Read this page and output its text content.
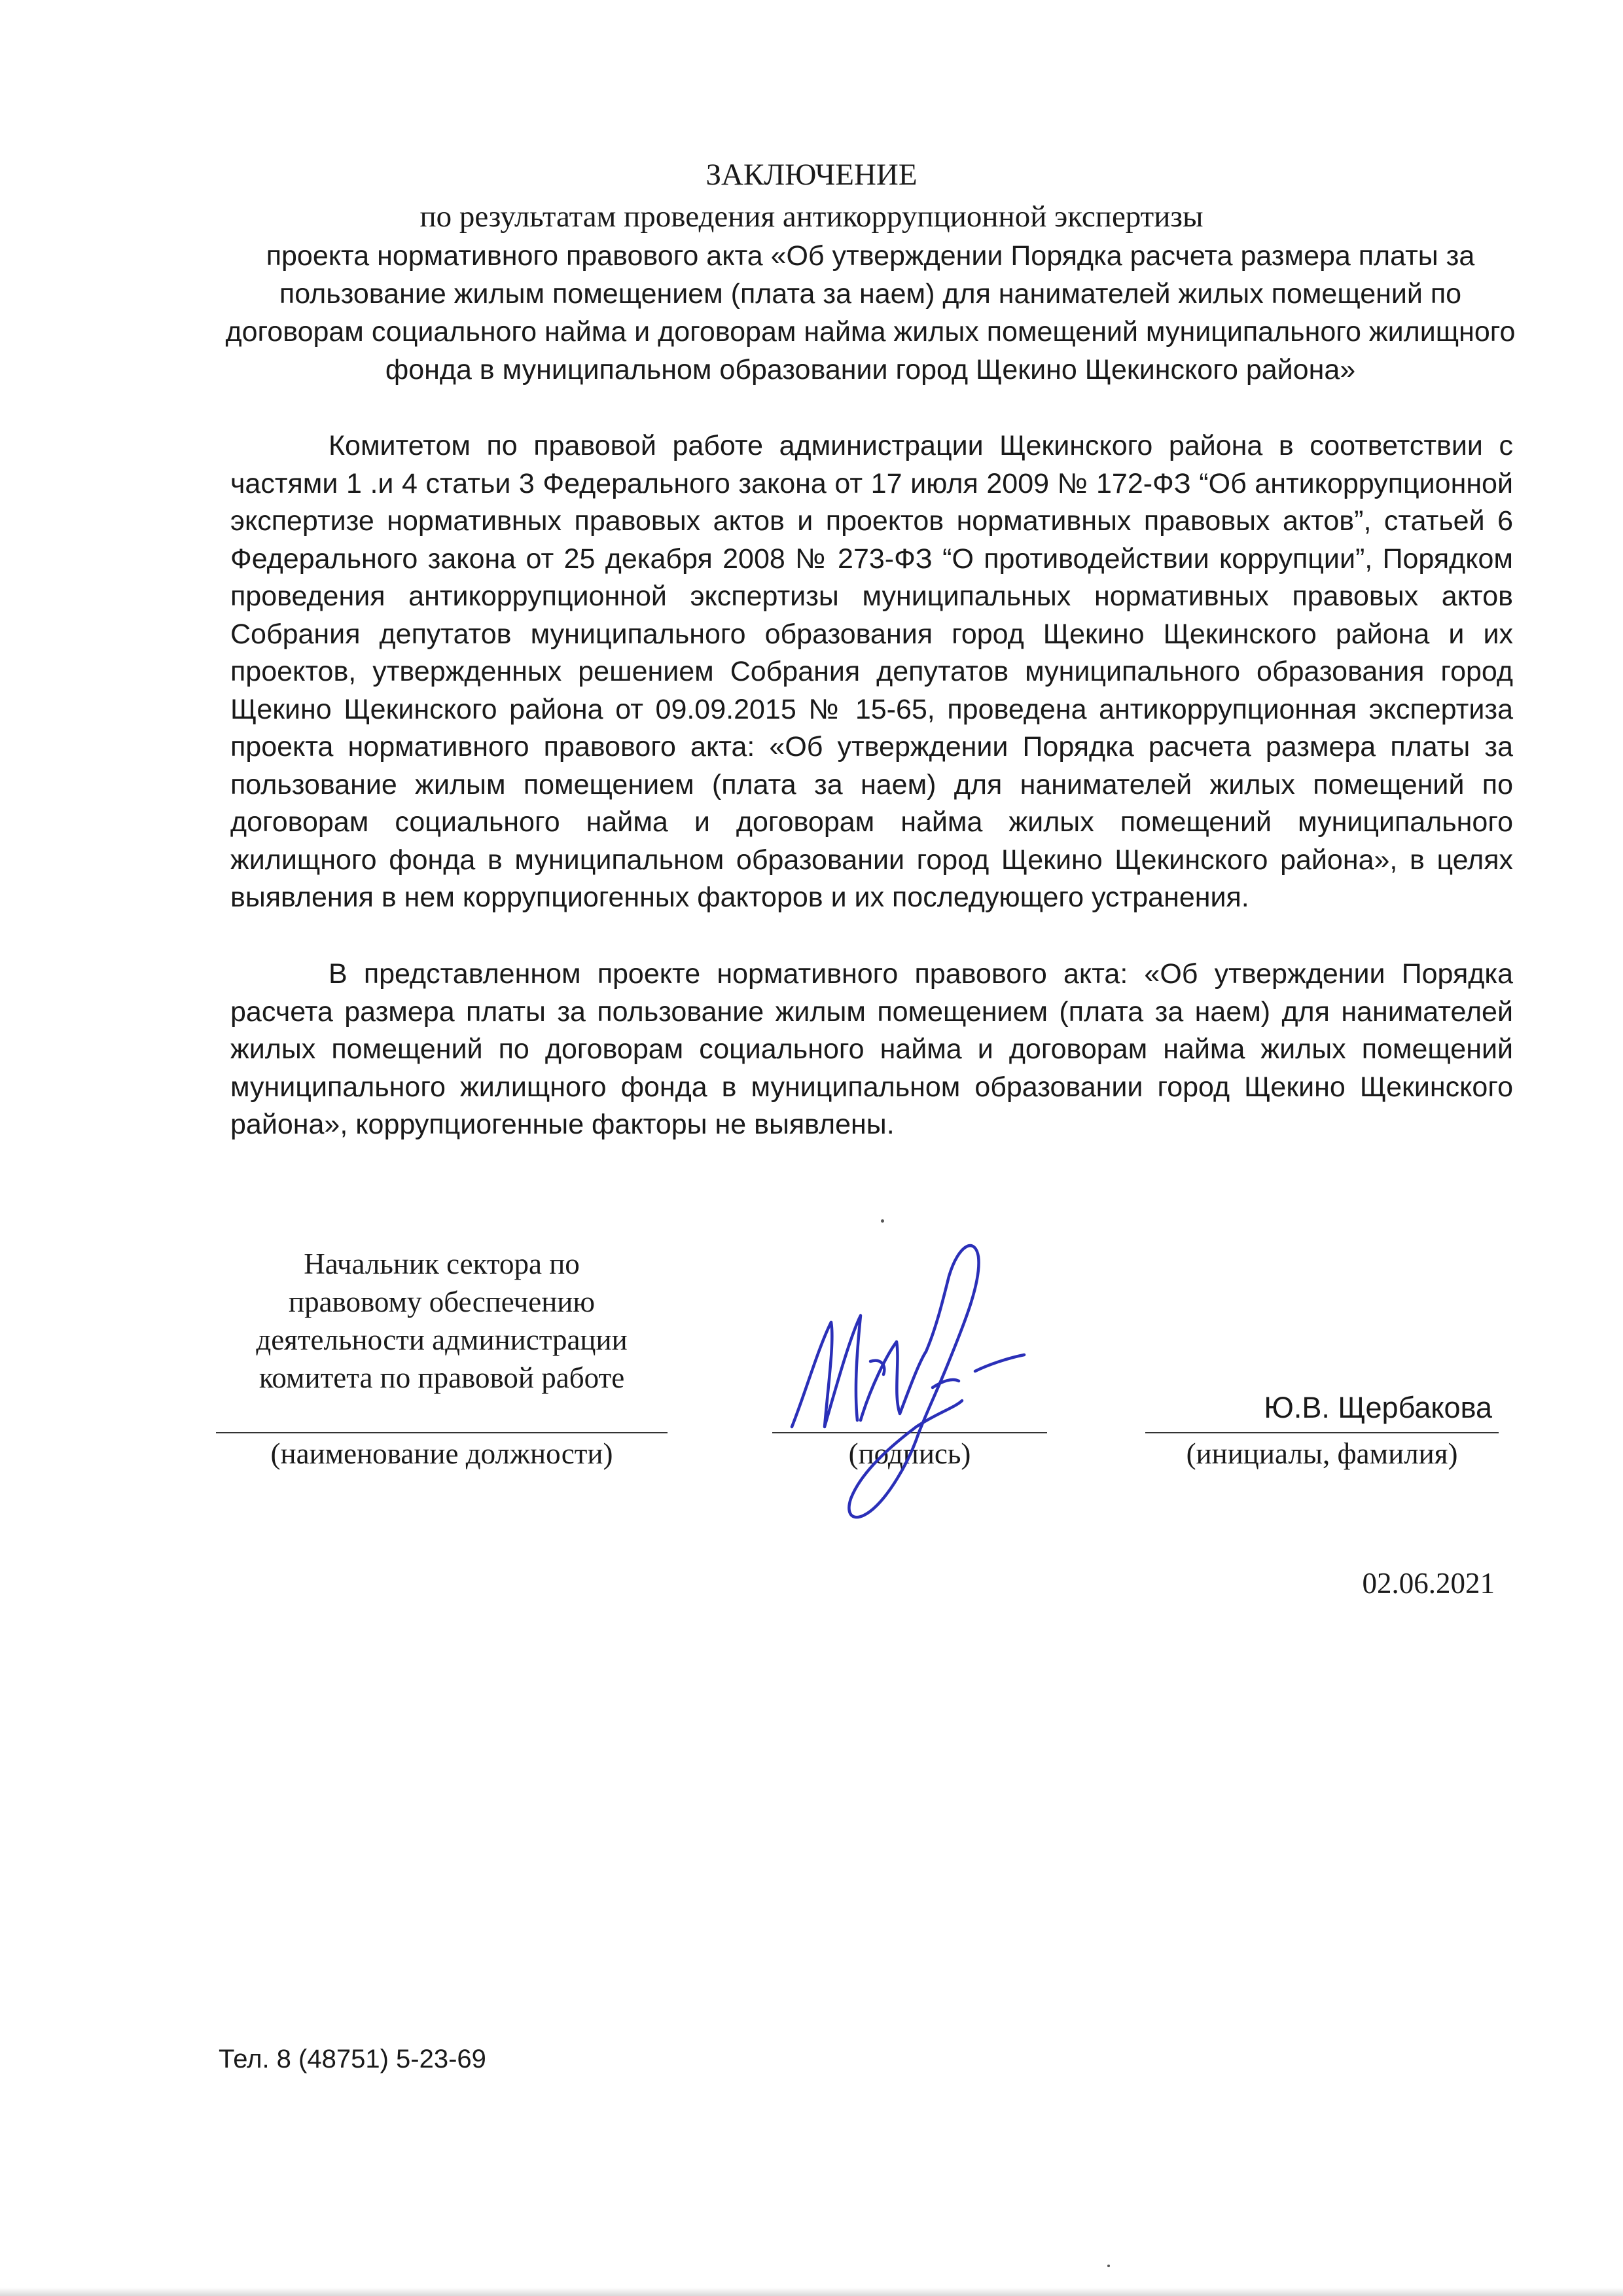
ЗАКЛЮЧЕНИЕ

по результатам проведения антикоррупционной экспертизы

проекта нормативного правового акта «Об утверждении Порядка расчета размера платы за пользование жилым помещением (плата за наем) для нанимателей жилых помещений по договорам социального найма и договорам найма жилых помещений муниципального жилищного фонда в муниципальном образовании город Щекино Щекинского района»

Комитетом по правовой работе администрации Щекинского района в соответствии с частями 1 .и 4 статьи 3 Федерального закона от 17 июля 2009 № 172-ФЗ “Об антикоррупционной экспертизе нормативных правовых актов и проектов нормативных правовых актов”, статьей 6 Федерального закона от 25 декабря 2008 № 273-ФЗ “О противодействии коррупции”, Порядком проведения антикоррупционной экспертизы муниципальных нормативных правовых актов Собрания депутатов муниципального образования город Щекино Щекинского района и их проектов, утвержденных решением Собрания депутатов муниципального образования город Щекино Щекинского района от 09.09.2015 № 15-65, проведена антикоррупционная экспертиза проекта нормативного правового акта: «Об утверждении Порядка расчета размера платы за пользование жилым помещением (плата за наем) для нанимателей жилых помещений по договорам социального найма и договорам найма жилых помещений муниципального жилищного фонда в муниципальном образовании город Щекино Щекинского района», в целях выявления в нем коррупциогенных факторов и их последующего устранения.

В представленном проекте нормативного правового акта: «Об утверждении Порядка расчета размера платы за пользование жилым помещением (плата за наем) для нанимателей жилых помещений по договорам социального найма и договорам найма жилых помещений муниципального жилищного фонда в муниципальном образовании город Щекино Щекинского района», коррупциогенные факторы не выявлены.

Начальник сектора по
правовому обеспечению
деятельности администрации
комитета по правовой работе
(наименование должности)	(подпись)
Ю.В. Щербакова
(инициалы, фамилия)
02.06.2021
Тел. 8 (48751) 5-23-69
